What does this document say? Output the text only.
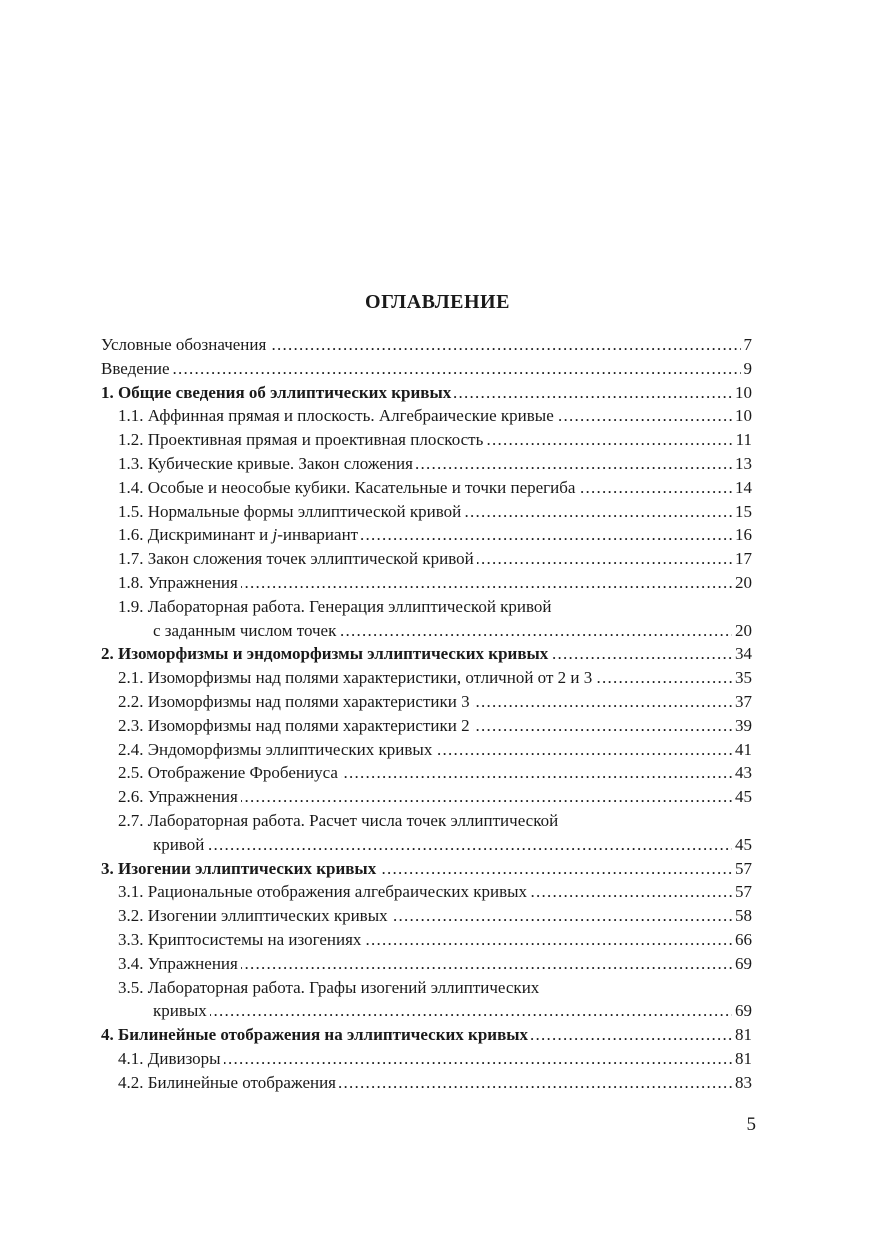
ОГЛАВЛЕНИЕ
. . .
Условные обозначения	7
. . .
Введение	9
. . .
1. Общие сведения об эллиптических кривых	10
. . .
1.1. Аффинная прямая и плоскость. Алгебраические кривые	10
. . .
1.2. Проективная прямая и проективная плоскость	11
. . .
1.3. Кубические кривые. Закон сложения	13
. . .
1.4. Особые и неособые кубики. Касательные и точки перегиба	14
. . .
1.5. Нормальные формы эллиптической кривой	15
. . .
1.6. Дискриминант и j-инвариант	16
. . .
1.7. Закон сложения точек эллиптической кривой	17
. . .
1.8. Упражнения	20
1.9. Лабораторная работа. Генерация эллиптической кривой
. . .
с заданным числом точек	20
. . .
2. Изоморфизмы и эндоморфизмы эллиптических кривых	34
. . .
2.1. Изоморфизмы над полями характеристики, отличной от 2 и 3	35
. . .
2.2. Изоморфизмы над полями характеристики 3	37
. . .
2.3. Изоморфизмы над полями характеристики 2	39
. . .
2.4. Эндоморфизмы эллиптических кривых	41
. . .
2.5. Отображение Фробениуса	43
. . .
2.6. Упражнения	45
2.7. Лабораторная работа. Расчет числа точек эллиптической
. . .
кривой	45
. . .
3. Изогении эллиптических кривых	57
. . .
3.1. Рациональные отображения алгебраических кривых	57
. . .
3.2. Изогении эллиптических кривых	58
. . .
3.3. Криптосистемы на изогениях	66
. . .
3.4. Упражнения	69
3.5. Лабораторная работа. Графы изогений эллиптических
. . .
кривых	69
. . .
4. Билинейные отображения на эллиптических кривых	81
. . .
4.1. Дивизоры	81
. . .
4.2. Билинейные отображения	83
5
